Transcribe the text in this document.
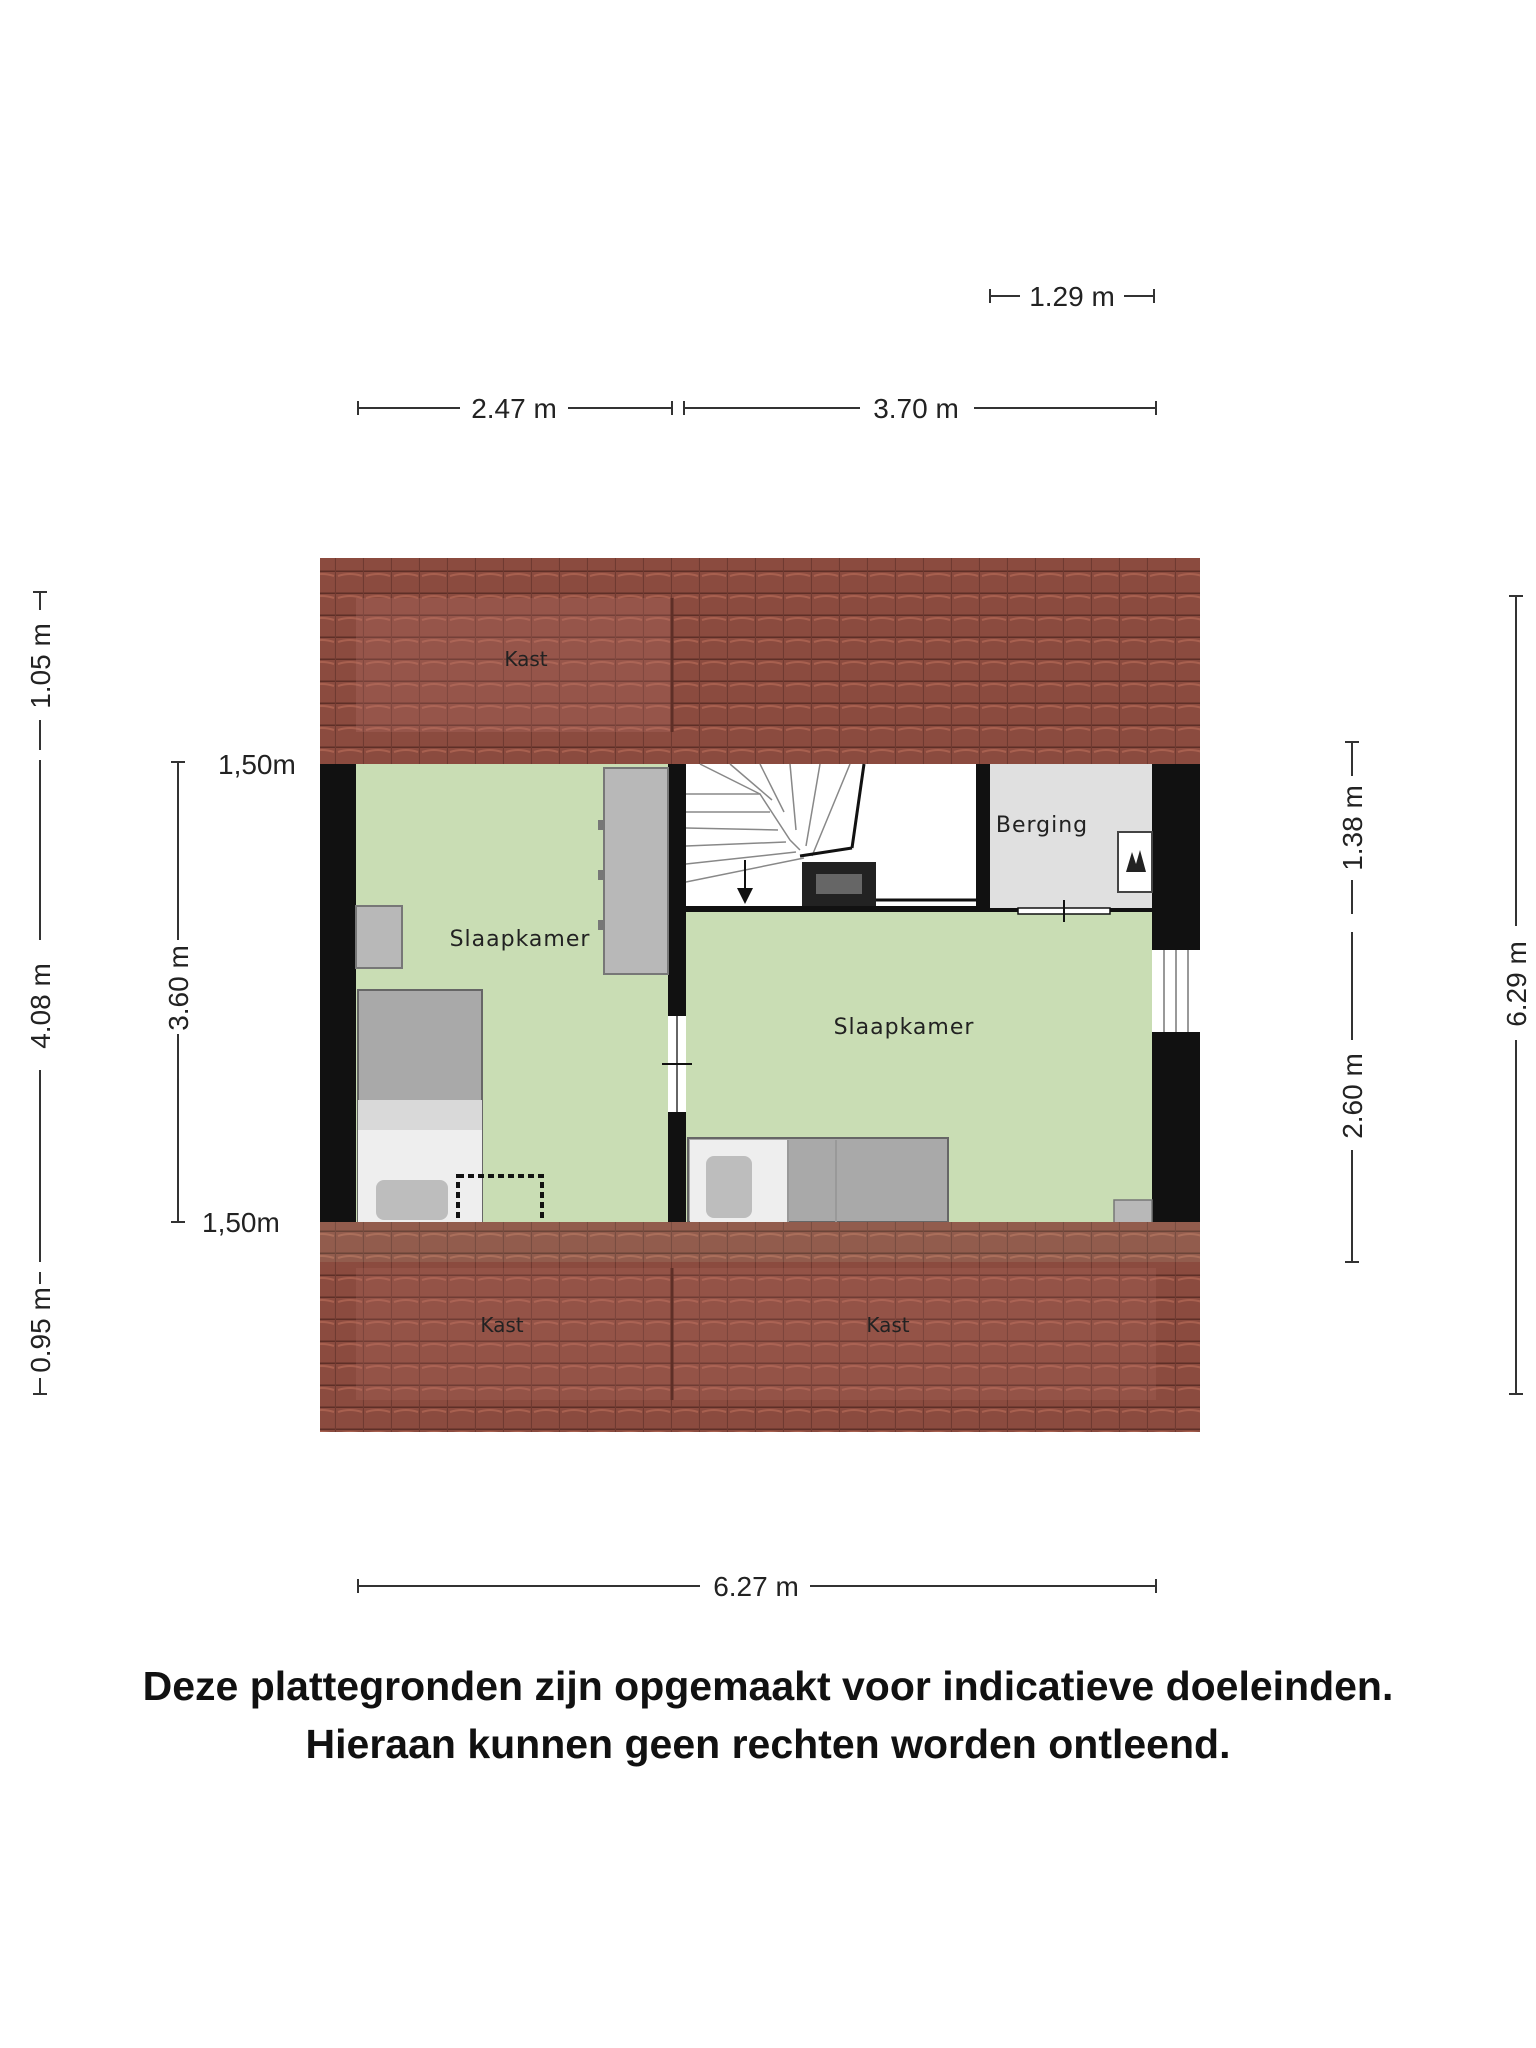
Kast
Slaapkamer
Slaapkamer
Berging
Kast	Kast
1.29 m
2.47 m	3.70 m
6.27 m
1.05 m
4.08 m
0.95 m
3.60 m
1,50m
1,50m
1.38 m
2.60 m
6.29 m
Deze plattegronden zijn opgemaakt voor indicatieve doeleinden.
Hieraan kunnen geen rechten worden ontleend.
